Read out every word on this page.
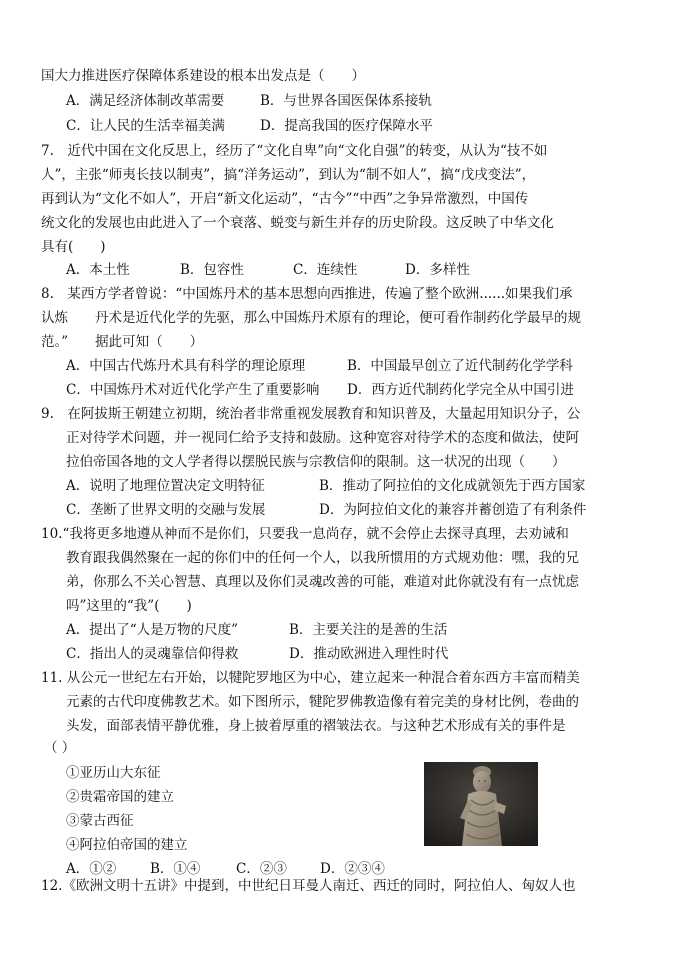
国大力推进医疗保障体系建设的根本出发点是（　　）
A．满足经济体制改革需要	B．与世界各国医保体系接轨
C．让人民的生活幸福美满	D．提高我国的医疗保障水平
7.　近代中国在文化反思上，经历了“文化自卑”向“文化自强”的转变，从认为“技不如
人”，主张“师夷长技以制夷”，搞“洋务运动”，到认为“制不如人”，搞“戊戌变法”，
再到认为“文化不如人”，开启“新文化运动”，“古今”“中西”之争异常激烈，中国传
统文化的发展也由此进入了一个衰落、蜕变与新生并存的历史阶段。这反映了中华文化
具有(　　)
A．本土性	B．包容性	C．连续性	D．多样性
8.　某西方学者曾说：“中国炼丹术的基本思想向西推进，传遍了整个欧洲......如果我们承
认炼　　丹术是近代化学的先驱，那么中国炼丹术原有的理论，便可看作制药化学最早的规
范。”　　据此可知（　　）
A．中国古代炼丹术具有科学的理论原理	B．中国最早创立了近代制药化学学科
C．中国炼丹术对近代化学产生了重要影响 D．西方近代制药化学完全从中国引进
9.　在阿拔斯王朝建立初期，统治者非常重视发展教育和知识普及，大量起用知识分子，公
正对待学术问题，并一视同仁给予支持和鼓励。这种宽容对待学术的态度和做法，使阿
拉伯帝国各地的文人学者得以摆脱民族与宗教信仰的限制。这一状况的出现（　　）
A．说明了地理位置决定文明特征	B．推动了阿拉伯的文化成就领先于西方国家
C．垄断了世界文明的交融与发展	D．为阿拉伯文化的兼容并蓄创造了有利条件
10.“我将更多地遵从神而不是你们，只要我一息尚存，就不会停止去探寻真理，去劝诫和
教育跟我偶然聚在一起的你们中的任何一个人，以我所惯用的方式规劝他：嘿，我的兄
弟，你那么不关心智慧、真理以及你们灵魂改善的可能，难道对此你就没有有一点忧虑
吗”这里的“我”(　　)
A．提出了“人是万物的尺度”	B．主要关注的是善的生活
C．指出人的灵魂靠信仰得救	D．推动欧洲进入理性时代
11. 从公元一世纪左右开始，以犍陀罗地区为中心，建立起来一种混合着东西方丰富而精美
元素的古代印度佛教艺术。如下图所示，犍陀罗佛教造像有着完美的身材比例，卷曲的
头发，面部表情平静优雅，身上披着厚重的褶皱法衣。与这种艺术形成有关的事件是
（ ）
①亚历山大东征
②贵霜帝国的建立
③蒙古西征
④阿拉伯帝国的建立
A．①②	B．①④	C．②③ D．②③④
12.《欧洲文明十五讲》中提到，中世纪日耳曼人南迁、西迁的同时，阿拉伯人、匈奴人也
